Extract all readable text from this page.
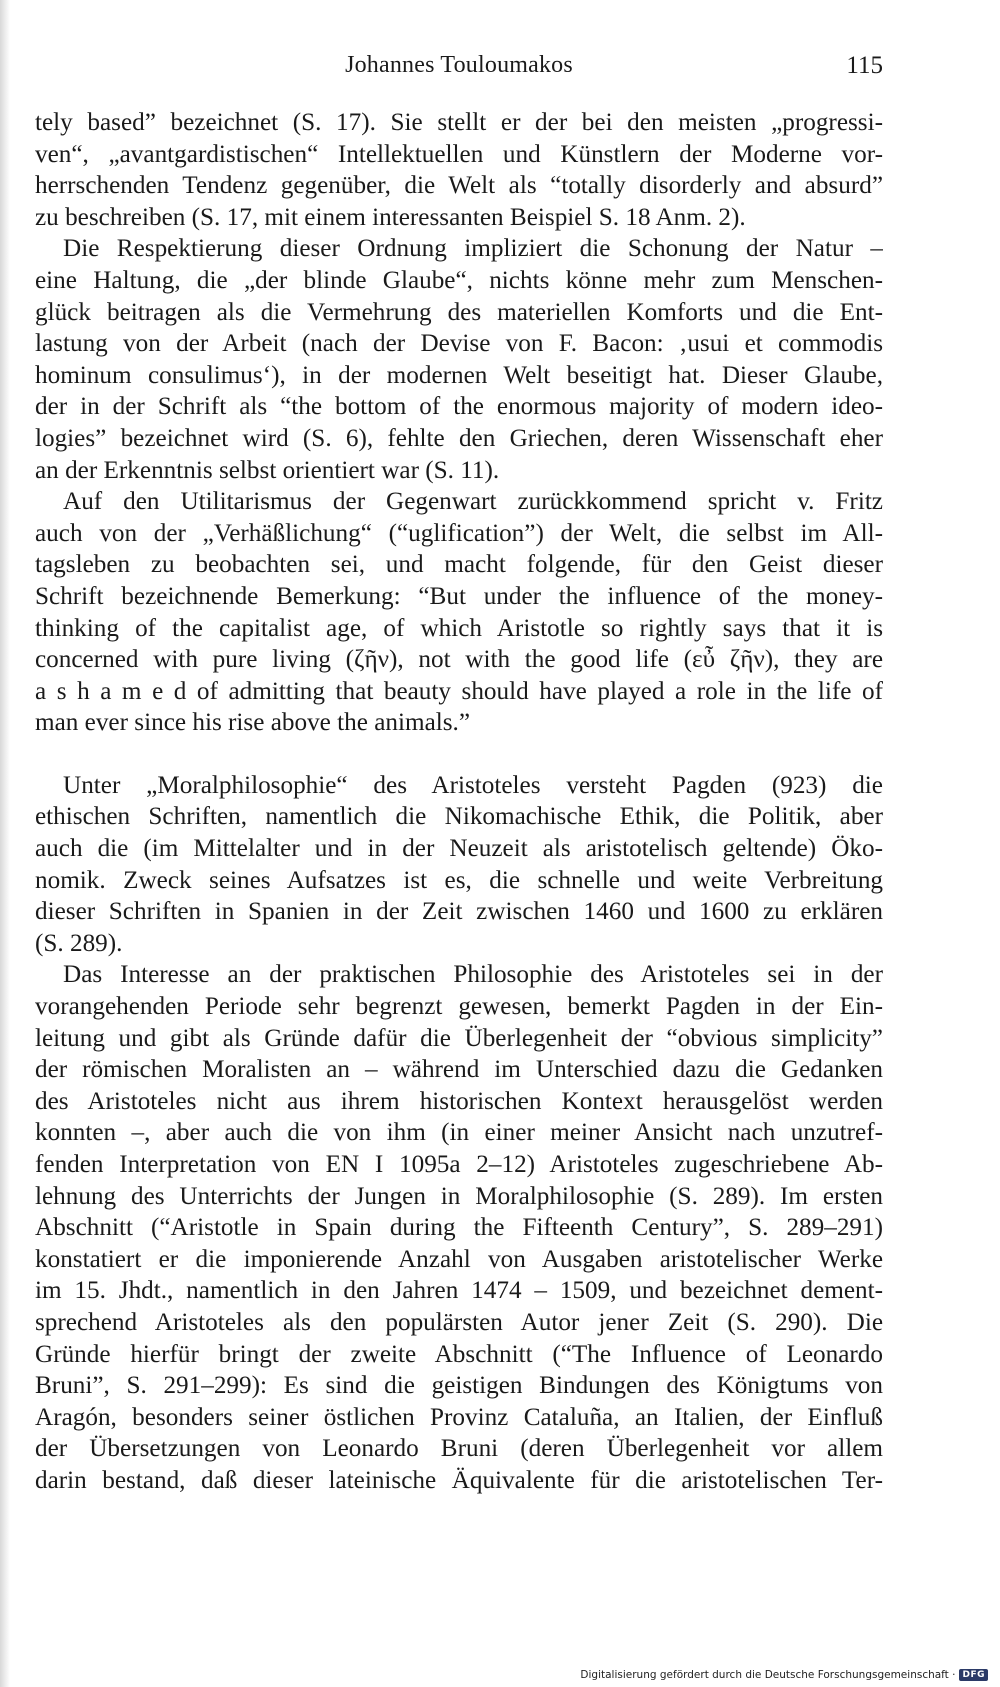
Johannes Touloumakos	115
tely based” bezeichnet (S. 17). Sie stellt er der bei den meisten „progressi-
ven“, „avantgardistischen“ Intellektuellen und Künstlern der Moderne vor-
herrschenden Tendenz gegenüber, die Welt als “totally disorderly and absurd”
zu beschreiben (S. 17, mit einem interessanten Beispiel S. 18 Anm. 2).
Die Respektierung dieser Ordnung impliziert die Schonung der Natur –
eine Haltung, die „der blinde Glaube“, nichts könne mehr zum Menschen-
glück beitragen als die Vermehrung des materiellen Komforts und die Ent-
lastung von der Arbeit (nach der Devise von F. Bacon: ‚usui et commodis
hominum consulimus‘), in der modernen Welt beseitigt hat. Dieser Glaube,
der in der Schrift als “the bottom of the enormous majority of modern ideo-
logies” bezeichnet wird (S. 6), fehlte den Griechen, deren Wissenschaft eher
an der Erkenntnis selbst orientiert war (S. 11).
Auf den Utilitarismus der Gegenwart zurückkommend spricht v. Fritz
auch von der „Verhäßlichung“ (“uglification”) der Welt, die selbst im All-
tagsleben zu beobachten sei, und macht folgende, für den Geist dieser
Schrift bezeichnende Bemerkung: “But under the influence of the money-
thinking of the capitalist age, of which Aristotle so rightly says that it is
concerned with pure living (ζῆν), not with the good life (εὖ ζῆν), they are
a s h a m e d of admitting that beauty should have played a role in the life of
man ever since his rise above the animals.”
Unter „Moralphilosophie“ des Aristoteles versteht Pagden (923) die
ethischen Schriften, namentlich die Nikomachische Ethik, die Politik, aber
auch die (im Mittelalter und in der Neuzeit als aristotelisch geltende) Öko-
nomik. Zweck seines Aufsatzes ist es, die schnelle und weite Verbreitung
dieser Schriften in Spanien in der Zeit zwischen 1460 und 1600 zu erklären
(S. 289).
Das Interesse an der praktischen Philosophie des Aristoteles sei in der
vorangehenden Periode sehr begrenzt gewesen, bemerkt Pagden in der Ein-
leitung und gibt als Gründe dafür die Überlegenheit der “obvious simplicity”
der römischen Moralisten an – während im Unterschied dazu die Gedanken
des Aristoteles nicht aus ihrem historischen Kontext herausgelöst werden
konnten –, aber auch die von ihm (in einer meiner Ansicht nach unzutref-
fenden Interpretation von EN I 1095a 2–12) Aristoteles zugeschriebene Ab-
lehnung des Unterrichts der Jungen in Moralphilosophie (S. 289). Im ersten
Abschnitt (“Aristotle in Spain during the Fifteenth Century”, S. 289–291)
konstatiert er die imponierende Anzahl von Ausgaben aristotelischer Werke
im 15. Jhdt., namentlich in den Jahren 1474 – 1509, und bezeichnet dement-
sprechend Aristoteles als den populärsten Autor jener Zeit (S. 290). Die
Gründe hierfür bringt der zweite Abschnitt (“The Influence of Leonardo
Bruni”, S. 291–299): Es sind die geistigen Bindungen des Königtums von
Aragón, besonders seiner östlichen Provinz Cataluña, an Italien, der Einfluß
der Übersetzungen von Leonardo Bruni (deren Überlegenheit vor allem
darin bestand, daß dieser lateinische Äquivalente für die aristotelischen Ter-
Digitalisierung gefördert durch die Deutsche Forschungsgemeinschaft · DFG
